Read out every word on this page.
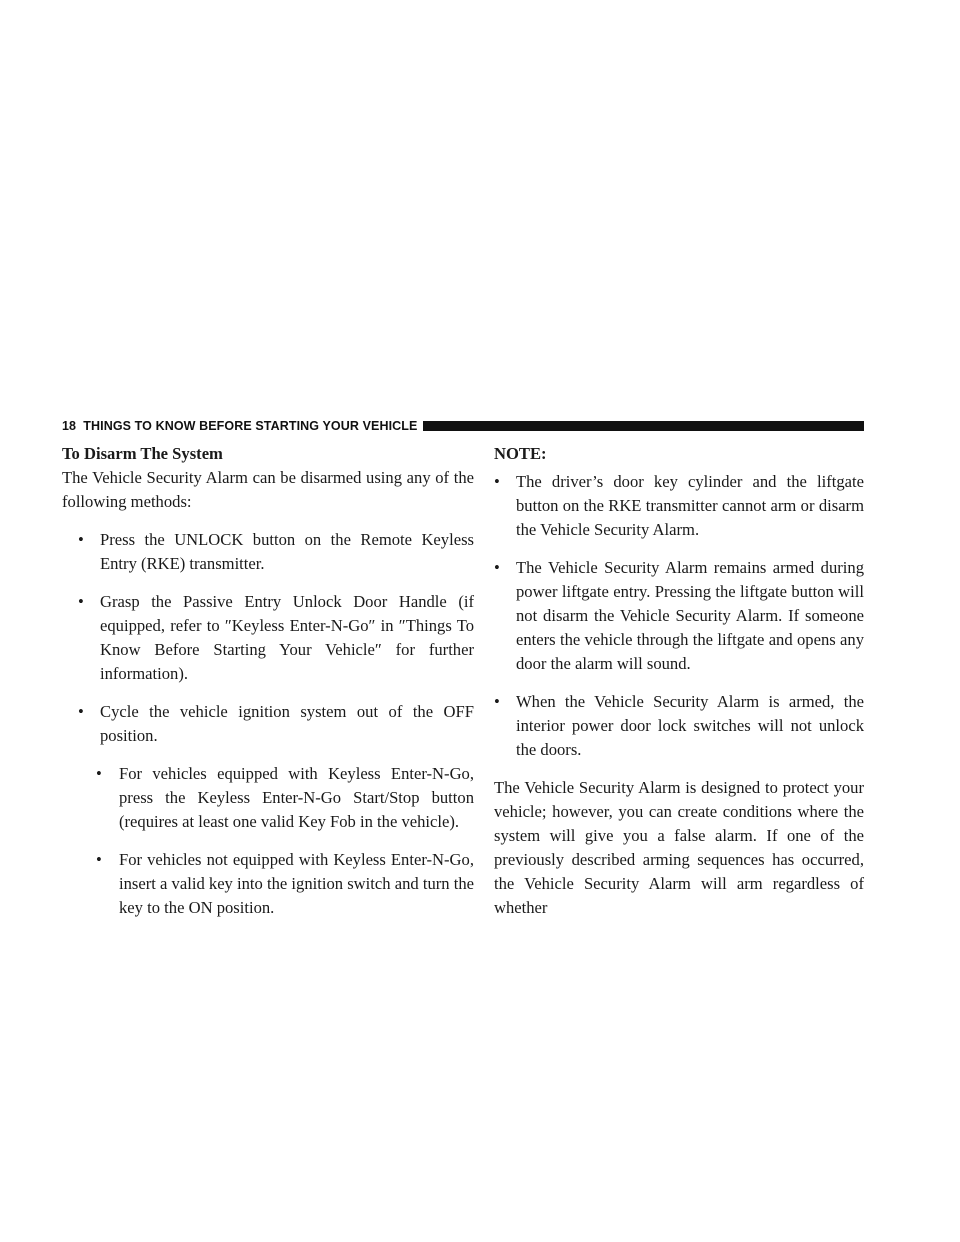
18 THINGS TO KNOW BEFORE STARTING YOUR VEHICLE

To Disarm The System

The Vehicle Security Alarm can be disarmed using any of the following methods:

• Press the UNLOCK button on the Remote Keyless Entry (RKE) transmitter.
• Grasp the Passive Entry Unlock Door Handle (if equipped, refer to ″Keyless Enter-N-Go″ in ″Things To Know Before Starting Your Vehicle″ for further information).
• Cycle the vehicle ignition system out of the OFF position.
• For vehicles equipped with Keyless Enter-N-Go, press the Keyless Enter-N-Go Start/Stop button (requires at least one valid Key Fob in the vehicle).
• For vehicles not equipped with Keyless Enter-N-Go, insert a valid key into the ignition switch and turn the key to the ON position.

NOTE:

• The driver’s door key cylinder and the liftgate button on the RKE transmitter cannot arm or disarm the Vehicle Security Alarm.
• The Vehicle Security Alarm remains armed during power liftgate entry. Pressing the liftgate button will not disarm the Vehicle Security Alarm. If someone enters the vehicle through the liftgate and opens any door the alarm will sound.
• When the Vehicle Security Alarm is armed, the interior power door lock switches will not unlock the doors.

The Vehicle Security Alarm is designed to protect your vehicle; however, you can create conditions where the system will give you a false alarm. If one of the previously described arming sequences has occurred, the Vehicle Security Alarm will arm regardless of whether
